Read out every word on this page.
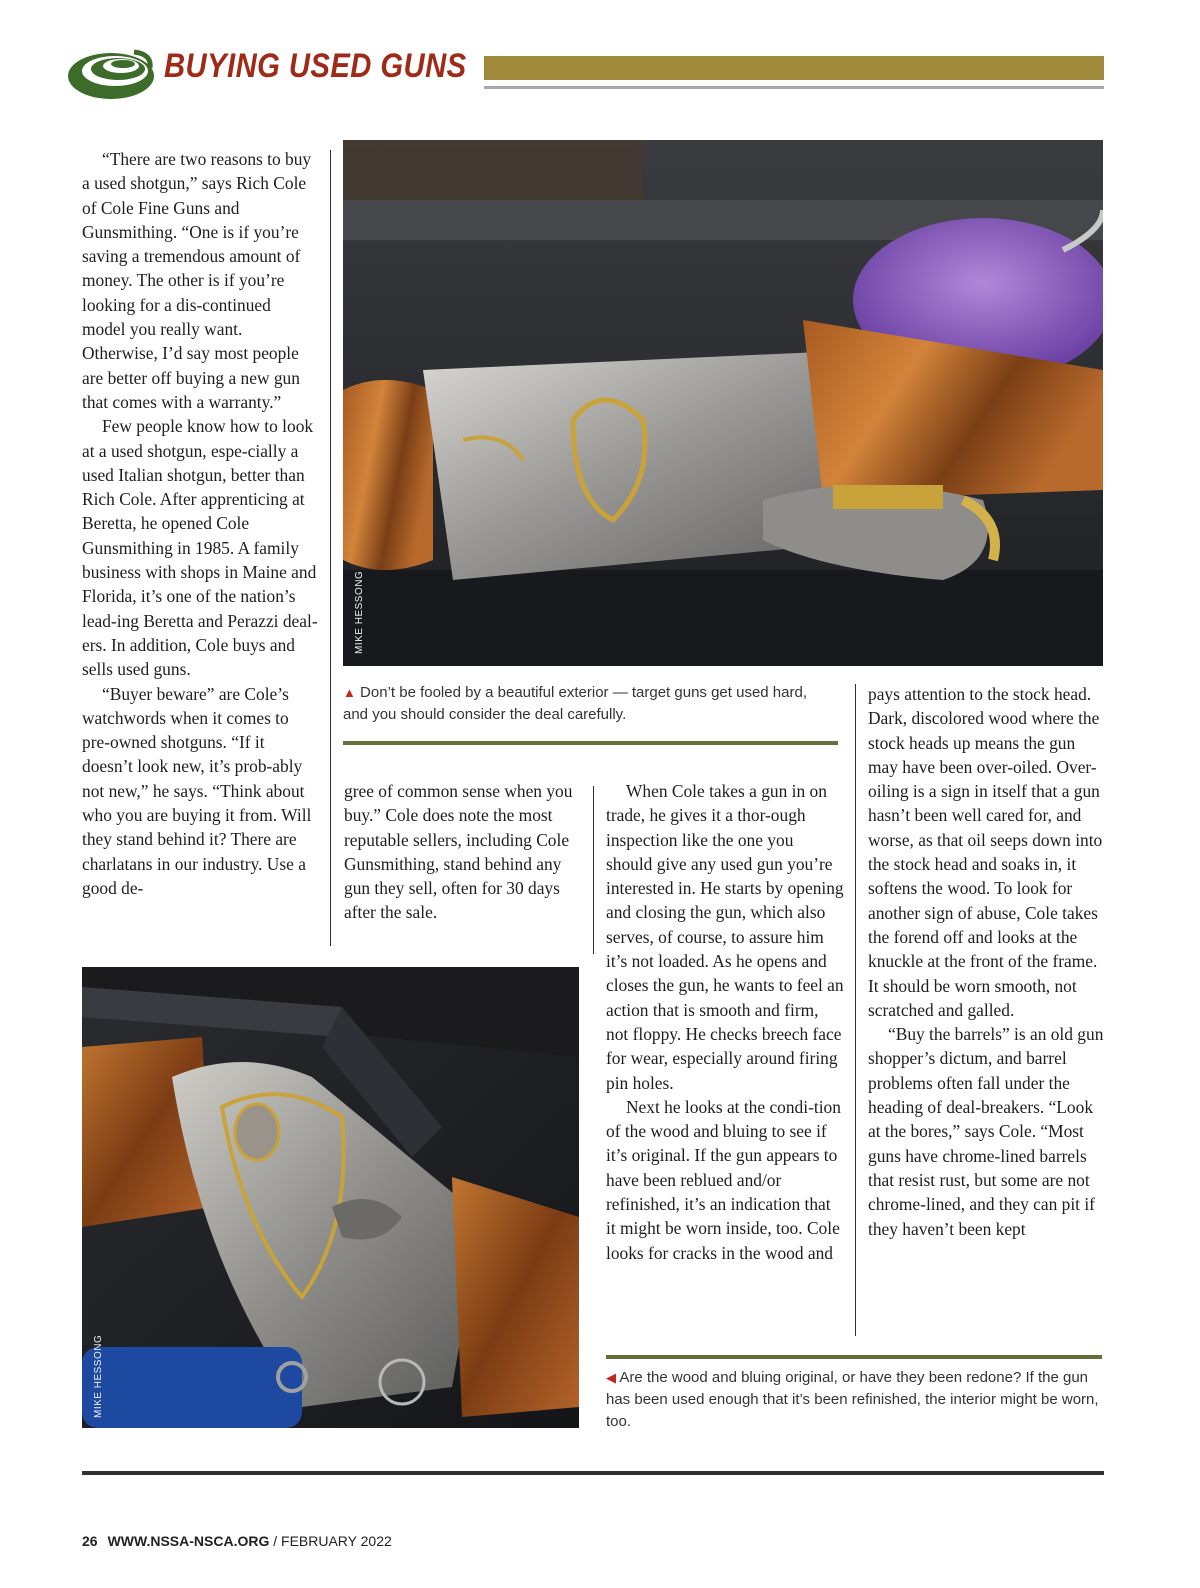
BUYING USED GUNS

“There are two reasons to buy a used shotgun,” says Rich Cole of Cole Fine Guns and Gunsmithing. “One is if you’re saving a tremendous amount of money. The other is if you’re looking for a dis-continued model you really want. Otherwise, I’d say most people are better off buying a new gun that comes with a warranty.”

Few people know how to look at a used shotgun, espe-cially a used Italian shotgun, better than Rich Cole. After apprenticing at Beretta, he opened Cole Gunsmithing in 1985. A family business with shops in Maine and Florida, it’s one of the nation’s lead-ing Beretta and Perazzi deal-ers. In addition, Cole buys and sells used guns.

“Buyer beware” are Cole’s watchwords when it comes to pre-owned shotguns. “If it doesn’t look new, it’s prob-ably not new,” he says. “Think about who you are buying it from. Will they stand behind it? There are charlatans in our industry. Use a good de-

MIKE HESSONG
▲ Don’t be fooled by a beautiful exterior — target guns get used hard, and you should consider the deal carefully.

gree of common sense when you buy.” Cole does note the most reputable sellers, including Cole Gunsmithing, stand behind any gun they sell, often for 30 days after the sale.

When Cole takes a gun in on trade, he gives it a thor-ough inspection like the one you should give any used gun you’re interested in. He starts by opening and closing the gun, which also serves, of course, to assure him it’s not loaded. As he opens and closes the gun, he wants to feel an action that is smooth and firm, not floppy. He checks breech face for wear, especially around firing pin holes.

Next he looks at the condi-tion of the wood and bluing to see if it’s original. If the gun appears to have been reblued and/or refinished, it’s an indication that it might be worn inside, too. Cole looks for cracks in the wood and

pays attention to the stock head. Dark, discolored wood where the stock heads up means the gun may have been over-oiled. Over-oiling is a sign in itself that a gun hasn’t been well cared for, and worse, as that oil seeps down into the stock head and soaks in, it softens the wood. To look for another sign of abuse, Cole takes the forend off and looks at the knuckle at the front of the frame. It should be worn smooth, not scratched and galled.

“Buy the barrels” is an old gun shopper’s dictum, and barrel problems often fall under the heading of deal-breakers. “Look at the bores,” says Cole. “Most guns have chrome-lined barrels that resist rust, but some are not chrome-lined, and they can pit if they haven’t been kept

MIKE HESSONG	◀ Are the wood and bluing original, or have they been redone? If the gun has been used enough that it’s been refinished, the interior might be worn, too.
26 WWW.NSSA-NSCA.ORG / FEBRUARY 2022
